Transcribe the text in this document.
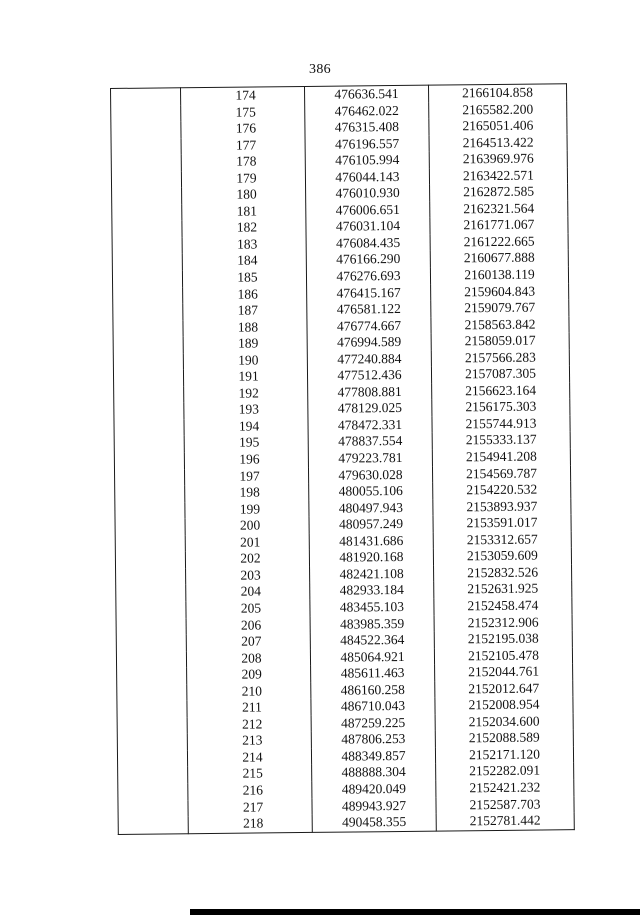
386
	174	476636.541	2166104.858
	175	476462.022	2165582.200
	176	476315.408	2165051.406
	177	476196.557	2164513.422
	178	476105.994	2163969.976
	179	476044.143	2163422.571
	180	476010.930	2162872.585
	181	476006.651	2162321.564
	182	476031.104	2161771.067
	183	476084.435	2161222.665
	184	476166.290	2160677.888
	185	476276.693	2160138.119
	186	476415.167	2159604.843
	187	476581.122	2159079.767
	188	476774.667	2158563.842
	189	476994.589	2158059.017
	190	477240.884	2157566.283
	191	477512.436	2157087.305
	192	477808.881	2156623.164
	193	478129.025	2156175.303
	194	478472.331	2155744.913
	195	478837.554	2155333.137
	196	479223.781	2154941.208
	197	479630.028	2154569.787
	198	480055.106	2154220.532
	199	480497.943	2153893.937
	200	480957.249	2153591.017
	201	481431.686	2153312.657
	202	481920.168	2153059.609
	203	482421.108	2152832.526
	204	482933.184	2152631.925
	205	483455.103	2152458.474
	206	483985.359	2152312.906
	207	484522.364	2152195.038
	208	485064.921	2152105.478
	209	485611.463	2152044.761
	210	486160.258	2152012.647
	211	486710.043	2152008.954
	212	487259.225	2152034.600
	213	487806.253	2152088.589
	214	488349.857	2152171.120
	215	488888.304	2152282.091
	216	489420.049	2152421.232
	217	489943.927	2152587.703
	218	490458.355	2152781.442
